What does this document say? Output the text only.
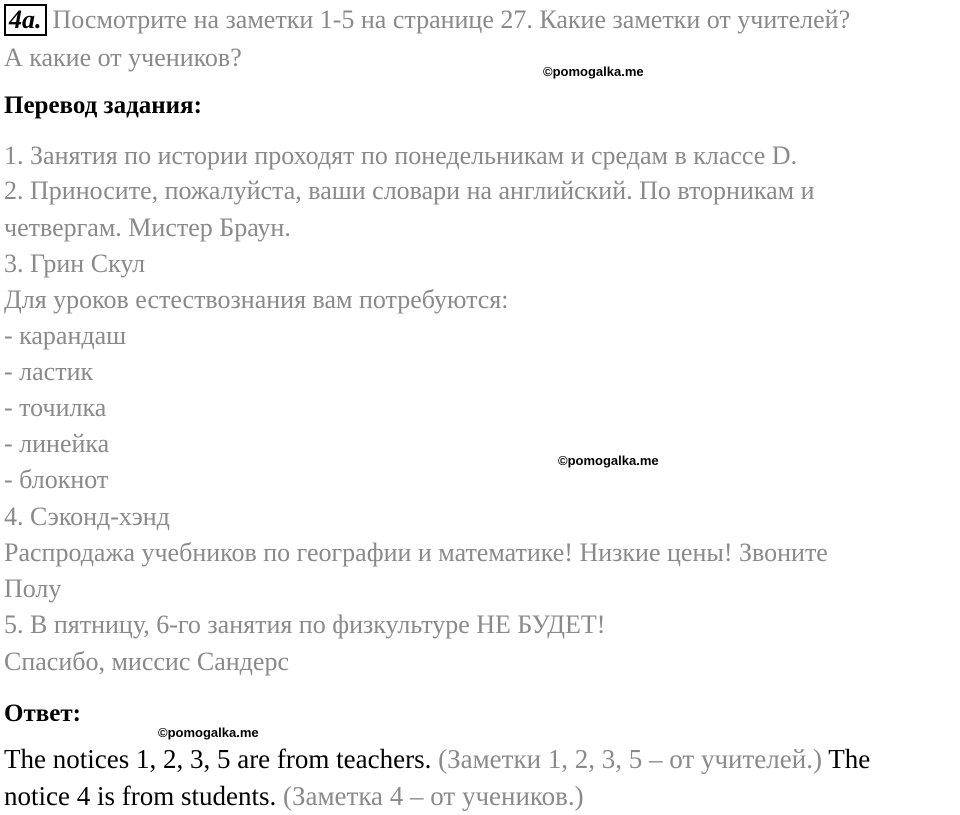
4a. Посмотрите на заметки 1-5 на странице 27. Какие заметки от учителей?
А какие от учеников?	©pomogalka.me
Перевод задания:
1. Занятия по истории проходят по понедельникам и средам в классе D.
2. Приносите, пожалуйста, ваши словари на английский. По вторникам и
четвергам. Мистер Браун.
3. Грин Скул
Для уроков естествознания вам потребуются:
- карандаш
- ластик
- точилка
- линейка
- блокнот
4. Сэконд-хэнд
Распродажа учебников по географии и математике! Низкие цены! Звоните
Полу
5. В пятницу, 6-го занятия по физкультуре НЕ БУДЕТ!
Спасибо, миссис Сандерс
©pomogalka.me
Ответ:
©pomogalka.me
The notices 1, 2, 3, 5 are from teachers. (Заметки 1, 2, 3, 5 – от учителей.) The
notice 4 is from students. (Заметка 4 – от учеников.)
